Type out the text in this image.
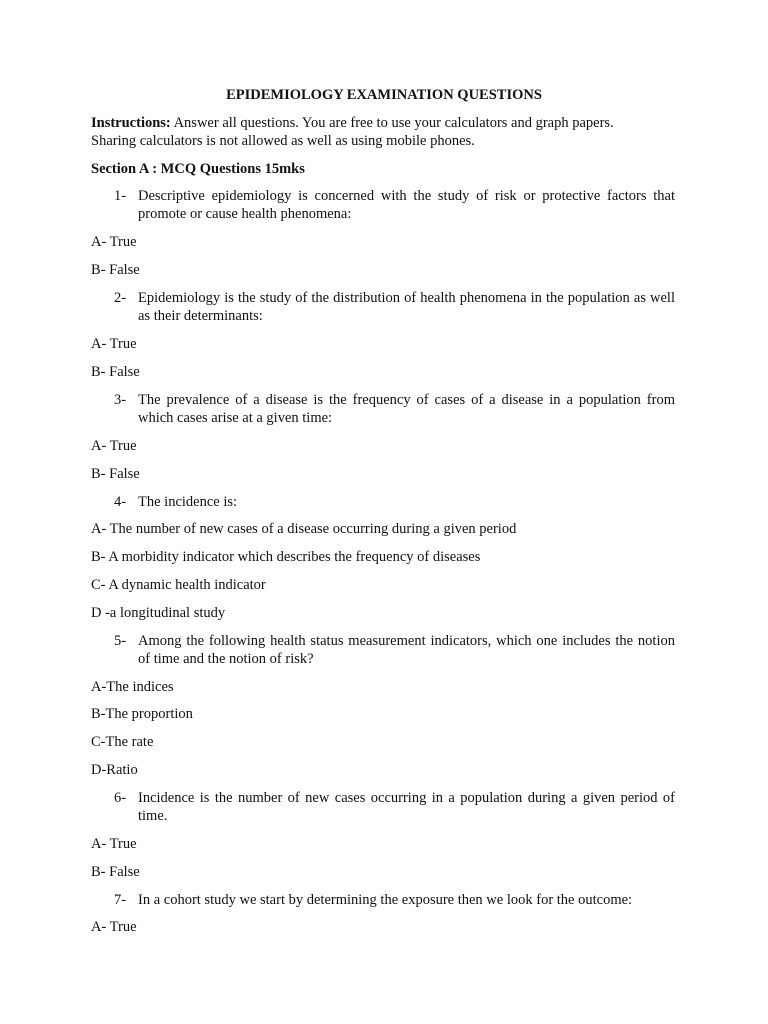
EPIDEMIOLOGY EXAMINATION QUESTIONS
Instructions: Answer all questions. You are free to use your calculators and graph papers.
Sharing calculators is not allowed as well as using mobile phones.
Section A : MCQ Questions 15mks
1- Descriptive epidemiology is concerned with the study of risk or protective factors that promote or cause health phenomena:
A- True
B- False
2- Epidemiology is the study of the distribution of health phenomena in the population as well as their determinants:
A- True
B- False
3- The prevalence of a disease is the frequency of cases of a disease in a population from which cases arise at a given time:
A- True
B- False
4- The incidence is:
A- The number of new cases of a disease occurring during a given period
B- A morbidity indicator which describes the frequency of diseases
C- A dynamic health indicator
D -a longitudinal study
5- Among the following health status measurement indicators, which one includes the notion of time and the notion of risk?
A-The indices
B-The proportion
C-The rate
D-Ratio
6- Incidence is the number of new cases occurring in a population during a given period of time.
A- True
B- False
7- In a cohort study we start by determining the exposure then we look for the outcome:
A- True
